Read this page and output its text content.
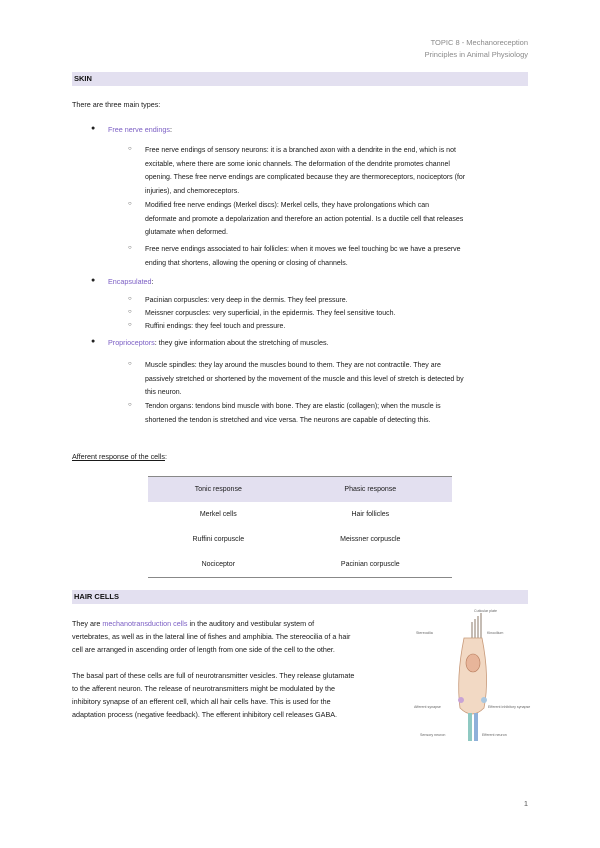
TOPIC 8 - Mechanoreception
Principles in Animal Physiology
SKIN
There are three main types:
● Free nerve endings:
○ Free nerve endings of sensory neurons: it is a branched axon with a dendrite in the end, which is not
excitable, where there are some ionic channels. The deformation of the dendrite promotes channel
opening. These free nerve endings are complicated because they are thermoreceptors, nociceptors (for
injuries), and chemoreceptors.
○ Modified free nerve endings (Merkel discs): Merkel cells, they have prolongations which can
deformate and promote a depolarization and therefore an action potential. Is a ductile cell that releases
glutamate when deformed.
○ Free nerve endings associated to hair follicles: when it moves we feel touching bc we have a preserve
ending that shortens, allowing the opening or closing of channels.
● Encapsulated:
○ Pacinian corpuscles: very deep in the dermis. They feel pressure.
○ Meissner corpuscles: very superficial, in the epidermis. They feel sensitive touch.
○ Ruffini endings: they feel touch and pressure.
● Proprioceptors: they give information about the stretching of muscles.
○ Muscle spindles: they lay around the muscles bound to them. They are not contractile. They are
passively stretched or shortened by the movement of the muscle and this level of stretch is detected by
this neuron.
○ Tendon organs: tendons bind muscle with bone. They are elastic (collagen); when the muscle is
shortened the tendon is stretched and vice versa. The neurons are capable of detecting this.
Afferent response of the cells:
Tonic response	Phasic response
Merkel cells	Hair follicles
Ruffini corpuscle	Meissner corpuscle
Nociceptor	Pacinian corpuscle
HAIR CELLS
They are mechanotransduction cells in the auditory and vestibular system of
vertebrates, as well as in the lateral line of fishes and amphibia. The stereocilia of a hair
cell are arranged in ascending order of length from one side of the cell to the other.
The basal part of these cells are full of neurotransmitter vesicles. They release glutamate
to the afferent neuron. The release of neurotransmitters might be modulated by the
inhibitory synapse of an efferent cell, which all hair cells have. This is used for the
adaptation process (negative feedback). The efferent inhibitory cell releases GABA.
Cuticular plate
Stereocilia	Kinocilium
Afferent synapse	Efferent inhibitory synapse
Sensory neuron	Efferent neuron
1
